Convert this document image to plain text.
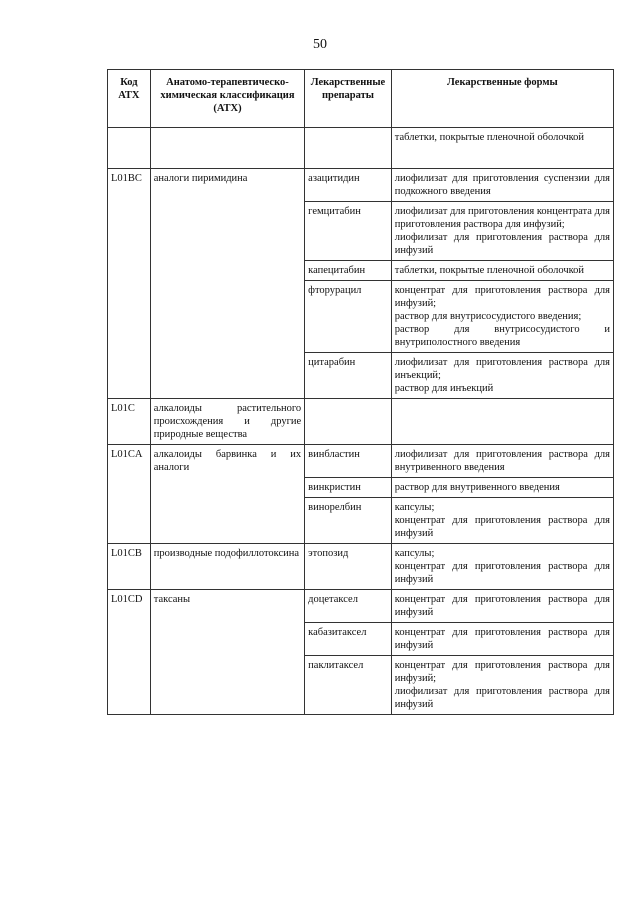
50
Код АТХ	Анатомо-терапевтическо-химическая классификация (АТХ)	Лекарственные препараты	Лекарственные формы

			таблетки, покрытые пленочной оболочкой

L01BC	аналоги пиримидина	азацитидин	лиофилизат для приготовления суспензии для подкожного введения

		гемцитабин	лиофилизат для приготовления концентрата для приготовления раствора для инфузий;
лиофилизат для приготовления раствора для инфузий

		капецитабин	таблетки, покрытые пленочной оболочкой

		фторурацил	концентрат для приготовления раствора для инфузий;
раствор для внутрисосудистого введения;
раствор для внутрисосудистого и внутриполостного введения

		цитарабин	лиофилизат для приготовления раствора для инъекций;
раствор для инъекций

L01C	алкалоиды растительного происхождения и другие природные вещества		
L01CA	алкалоиды барвинка и их аналоги	винбластин	лиофилизат для приготовления раствора для внутривенного введения

		винкристин	раствор для внутривенного введения

		винорелбин	капсулы;
концентрат для приготовления раствора для инфузий

L01CB	производные подофиллотоксина	этопозид	капсулы;
концентрат для приготовления раствора для инфузий

L01CD	таксаны	доцетаксел	концентрат для приготовления раствора для инфузий

		кабазитаксел	концентрат для приготовления раствора для инфузий

		паклитаксел	концентрат для приготовления раствора для инфузий;
лиофилизат для приготовления раствора для инфузий
